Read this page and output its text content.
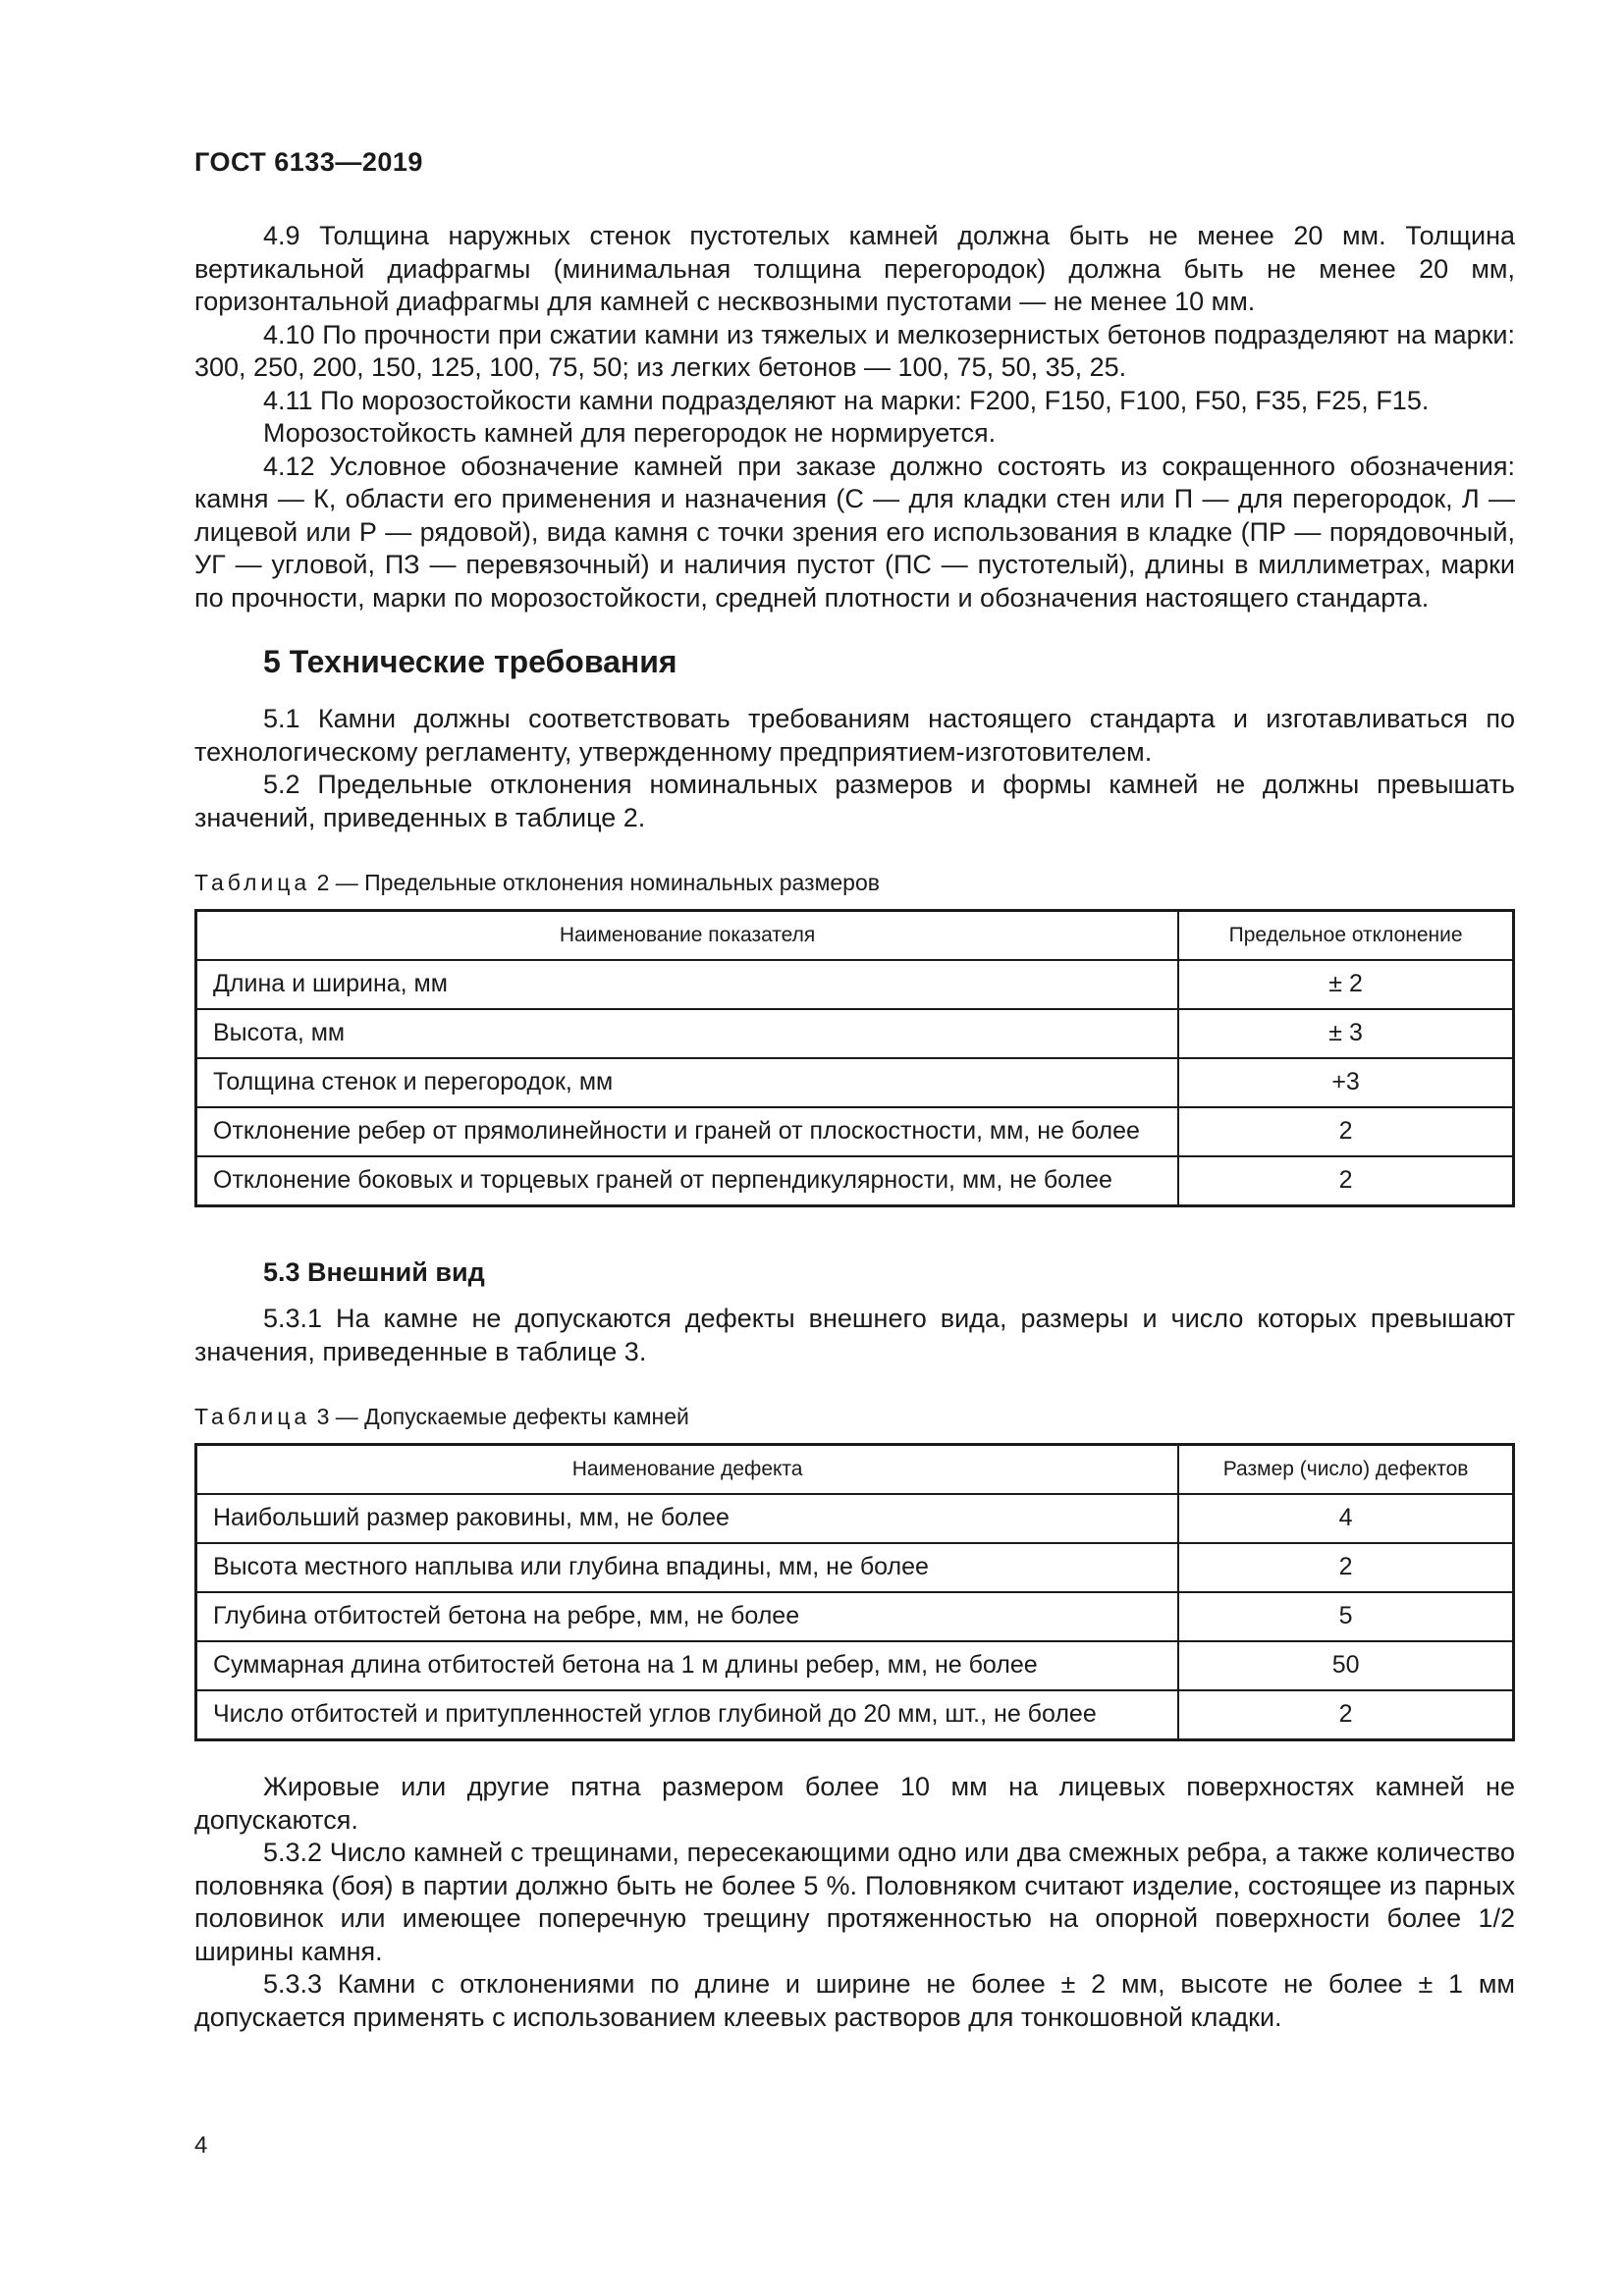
ГОСТ 6133—2019

4.9 Толщина наружных стенок пустотелых камней должна быть не менее 20 мм. Толщина вертикальной диафрагмы (минимальная толщина перегородок) должна быть не менее 20 мм, горизонтальной диафрагмы для камней с несквозными пустотами — не менее 10 мм.

4.10 По прочности при сжатии камни из тяжелых и мелкозернистых бетонов подразделяют на марки: 300, 250, 200, 150, 125, 100, 75, 50; из легких бетонов — 100, 75, 50, 35, 25.

4.11 По морозостойкости камни подразделяют на марки: F200, F150, F100, F50, F35, F25, F15.

Морозостойкость камней для перегородок не нормируется.

4.12 Условное обозначение камней при заказе должно состоять из сокращенного обозначения: камня — К, области его применения и назначения (С — для кладки стен или П — для перегородок, Л — лицевой или Р — рядовой), вида камня с точки зрения его использования в кладке (ПР — порядовочный, УГ — угловой, ПЗ — перевязочный) и наличия пустот (ПС — пустотелый), длины в миллиметрах, марки по прочности, марки по морозостойкости, средней плотности и обозначения настоящего стандарта.

5 Технические требования

5.1 Камни должны соответствовать требованиям настоящего стандарта и изготавливаться по технологическому регламенту, утвержденному предприятием-изготовителем.

5.2 Предельные отклонения номинальных размеров и формы камней не должны превышать значений, приведенных в таблице 2.

Таблица 2 — Предельные отклонения номинальных размеров
Наименование показателя	Предельное отклонение
Длина и ширина, мм	± 2
Высота, мм	± 3
Толщина стенок и перегородок, мм	+3
Отклонение ребер от прямолинейности и граней от плоскостности, мм, не более	2
Отклонение боковых и торцевых граней от перпендикулярности, мм, не более	2
5.3 Внешний вид

5.3.1 На камне не допускаются дефекты внешнего вида, размеры и число которых превышают значения, приведенные в таблице 3.

Таблица 3 — Допускаемые дефекты камней
Наименование дефекта	Размер (число) дефектов
Наибольший размер раковины, мм, не более	4
Высота местного наплыва или глубина впадины, мм, не более	2
Глубина отбитостей бетона на ребре, мм, не более	5
Суммарная длина отбитостей бетона на 1 м длины ребер, мм, не более	50
Число отбитостей и притупленностей углов глубиной до 20 мм, шт., не более	2

Жировые или другие пятна размером более 10 мм на лицевых поверхностях камней не допускаются.

5.3.2 Число камней с трещинами, пересекающими одно или два смежных ребра, а также количество половняка (боя) в партии должно быть не более 5 %. Половняком считают изделие, состоящее из парных половинок или имеющее поперечную трещину протяженностью на опорной поверхности более 1/2 ширины камня.

5.3.3 Камни с отклонениями по длине и ширине не более ± 2 мм, высоте не более ± 1 мм допускается применять с использованием клеевых растворов для тонкошовной кладки.

4
